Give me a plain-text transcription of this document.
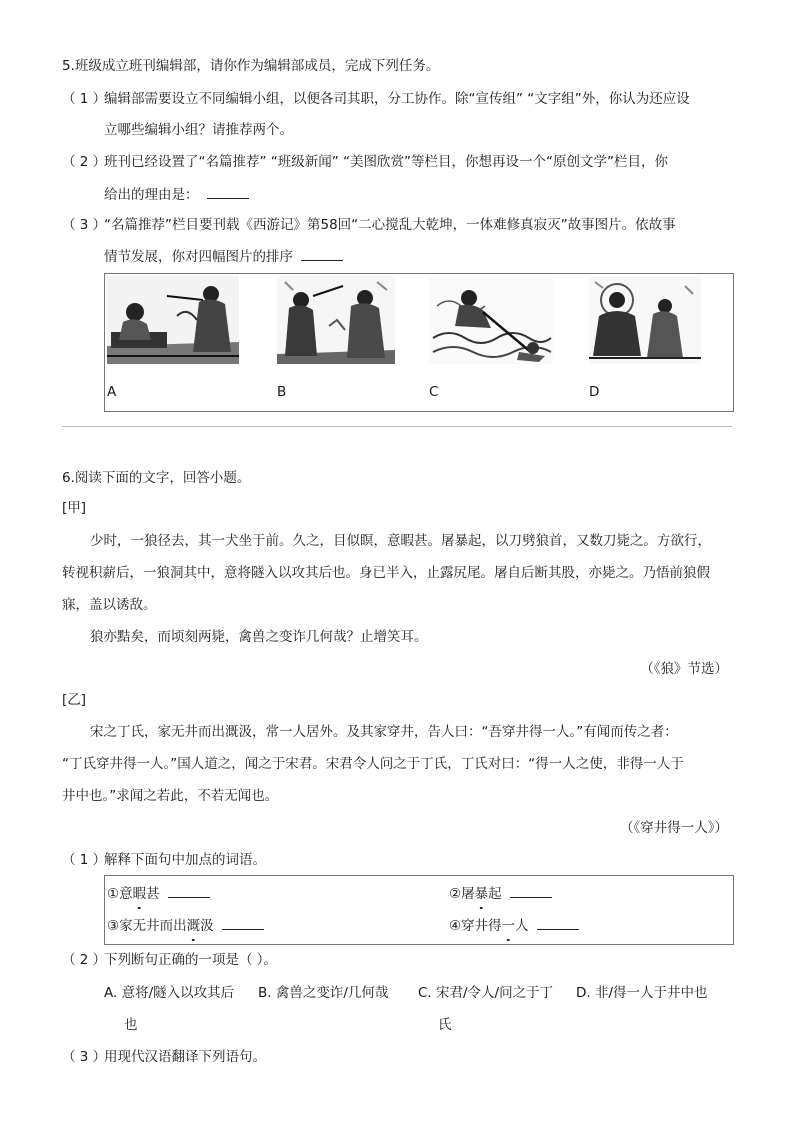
5.班级成立班刊编辑部，请你作为编辑部成员，完成下列任务。
（ 1 ）
编辑部需要设立不同编辑小组，以便各司其职，分工协作。除“宣传组” “文字组”外，你认为还应设
立哪些编辑小组？请推荐两个。
（ 2 ）
班刊已经设置了“名篇推荐” “班级新闻” “美图欣赏”等栏目，你想再设一个“原创文学”栏目，你
给出的理由是：
（ 3 ）
“名篇推荐”栏目要刊载《西游记》第58回“二心搅乱大乾坤，一体难修真寂灭”故事图片。依故事
情节发展，你对四幅图片的排序
A	B	C	D
6.阅读下面的文字，回答小题。
[甲]
少时，一狼径去，其一犬坐于前。久之，目似瞑，意暇甚。屠暴起，以刀劈狼首，又数刀毙之。方欲行，
转视积薪后，一狼洞其中，意将隧入以攻其后也。身已半入，止露尻尾。屠自后断其股，亦毙之。乃悟前狼假
寐，盖以诱敌。
狼亦黠矣，而顷刻两毙，禽兽之变诈几何哉？止增笑耳。
（《狼》节选）
[乙]
宋之丁氏，家无井而出溉汲，常一人居外。及其家穿井，告人曰：“吾穿井得一人。”有闻而传之者：
“丁氏穿井得一人。”国人道之，闻之于宋君。宋君令人问之于丁氏，丁氏对曰：“得一人之使，非得一人于
井中也。”求闻之若此，不若无闻也。
（《穿井得一人》）
（ 1 ）
解释下面句中加点的词语。
①意暇甚	②屠暴起
③家无井而出溉汲	④穿井得一人
（ 2 ）
下列断句正确的一项是（ ）。
A. 意将/隧入以攻其后
也
B. 禽兽之变诈/几何哉 C. 宋君/令人/问之于丁
氏
D. 非/得一人于井中也
（ 3 ）
用现代汉语翻译下列语句。
